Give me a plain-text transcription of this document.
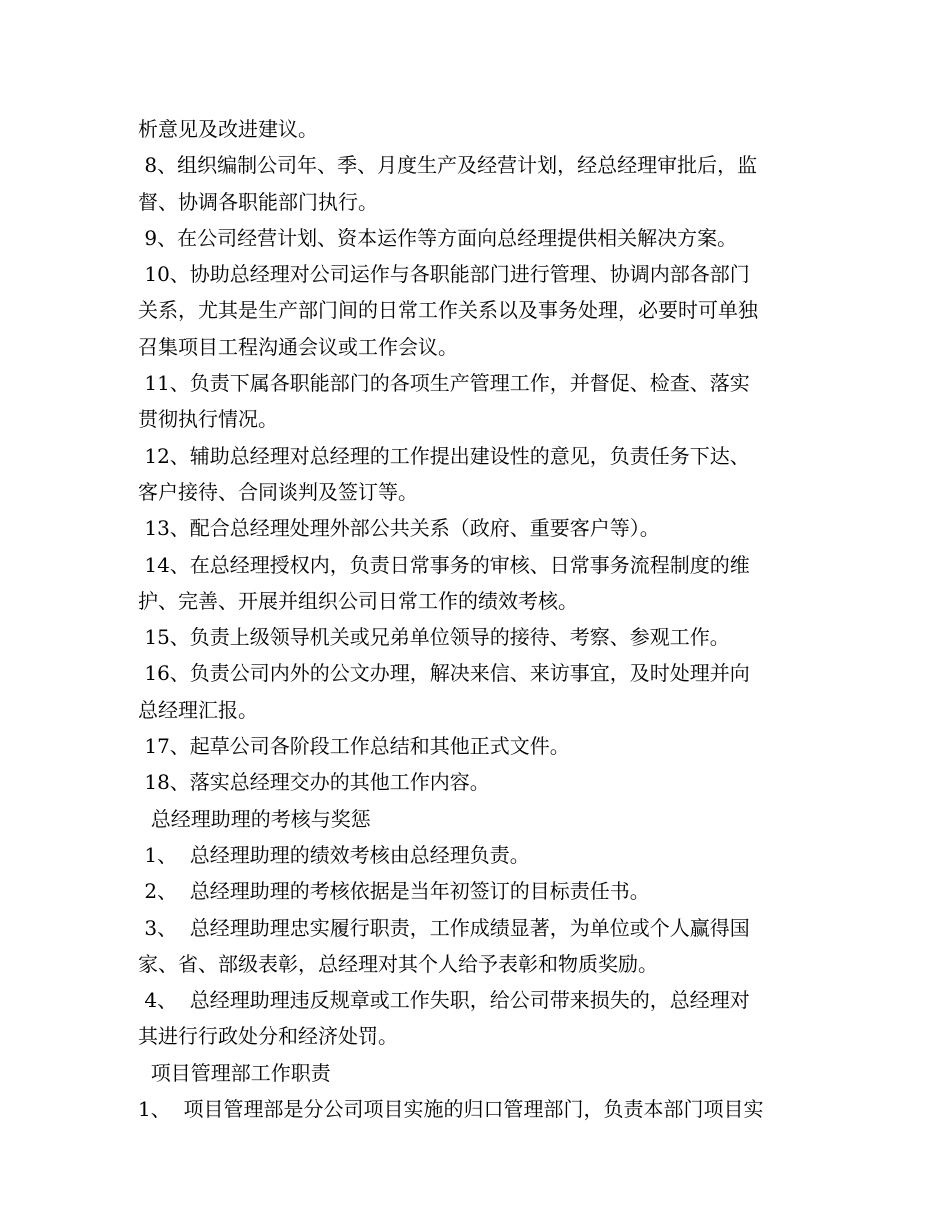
析意见及改进建议。
8、组织编制公司年、季、月度生产及经营计划，经总经理审批后，监
督、协调各职能部门执行。
9、在公司经营计划、资本运作等方面向总经理提供相关解决方案。
10、协助总经理对公司运作与各职能部门进行管理、协调内部各部门
关系，尤其是生产部门间的日常工作关系以及事务处理，必要时可单独
召集项目工程沟通会议或工作会议。
11、负责下属各职能部门的各项生产管理工作，并督促、检查、落实
贯彻执行情况。
12、辅助总经理对总经理的工作提出建设性的意见，负责任务下达、
客户接待、合同谈判及签订等。
13、配合总经理处理外部公共关系（政府、重要客户等）。
14、在总经理授权内，负责日常事务的审核、日常事务流程制度的维
护、完善、开展并组织公司日常工作的绩效考核。
15、负责上级领导机关或兄弟单位领导的接待、考察、参观工作。
16、负责公司内外的公文办理，解决来信、来访事宜，及时处理并向
总经理汇报。
17、起草公司各阶段工作总结和其他正式文件。
18、落实总经理交办的其他工作内容。
总经理助理的考核与奖惩
1、  总经理助理的绩效考核由总经理负责。
2、  总经理助理的考核依据是当年初签订的目标责任书。
3、  总经理助理忠实履行职责，工作成绩显著，为单位或个人赢得国
家、省、部级表彰，总经理对其个人给予表彰和物质奖励。
4、  总经理助理违反规章或工作失职，给公司带来损失的，总经理对
其进行行政处分和经济处罚。
项目管理部工作职责
1、  项目管理部是分公司项目实施的归口管理部门，负责本部门项目实
